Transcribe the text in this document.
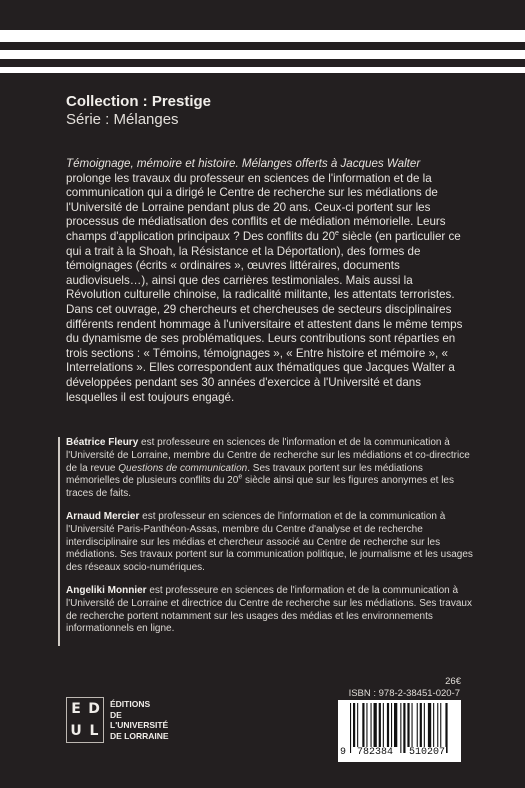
Collection : Prestige
Série : Mélanges

Témoignage, mémoire et histoire. Mélanges offerts à Jacques Walter prolonge les travaux du professeur en sciences de l'information et de la communication qui a dirigé le Centre de recherche sur les médiations de l'Université de Lorraine pendant plus de 20 ans. Ceux-ci portent sur les processus de médiatisation des conflits et de médiation mémorielle. Leurs champs d'application principaux ? Des conflits du 20e siècle (en particulier ce qui a trait à la Shoah, la Résistance et la Déportation), des formes de témoignages (écrits « ordinaires », œuvres littéraires, documents audiovisuels…), ainsi que des carrières testimoniales. Mais aussi la Révolution culturelle chinoise, la radicalité militante, les attentats terroristes.

Dans cet ouvrage, 29 chercheurs et chercheuses de secteurs disciplinaires différents rendent hommage à l'universitaire et attestent dans le même temps du dynamisme de ses problématiques. Leurs contributions sont réparties en trois sections : « Témoins, témoignages », « Entre histoire et mémoire », « Interrelations ». Elles correspondent aux thématiques que Jacques Walter a développées pendant ses 30 années d'exercice à l'Université et dans lesquelles il est toujours engagé.

Béatrice Fleury est professeure en sciences de l'information et de la communication à l'Université de Lorraine, membre du Centre de recherche sur les médiations et co-directrice de la revue Questions de communication. Ses travaux portent sur les médiations mémorielles de plusieurs conflits du 20e siècle ainsi que sur les figures anonymes et les traces de faits.

Arnaud Mercier est professeur en sciences de l'information et de la communication à l'Université Paris-Panthéon-Assas, membre du Centre d'analyse et de recherche interdisciplinaire sur les médias et chercheur associé au Centre de recherche sur les médiations. Ses travaux portent sur la communication politique, le journalisme et les usages des réseaux socio-numériques.

Angeliki Monnier est professeure en sciences de l'information et de la communication à l'Université de Lorraine et directrice du Centre de recherche sur les médiations. Ses travaux de recherche portent notamment sur les usages des médias et les environnements informationnels en ligne.

E D
U L
ÉDITIONS
DE L'UNIVERSITÉ
DE LORRAINE
26€
ISBN : 978-2-38451-020-7
9 782384 510207
